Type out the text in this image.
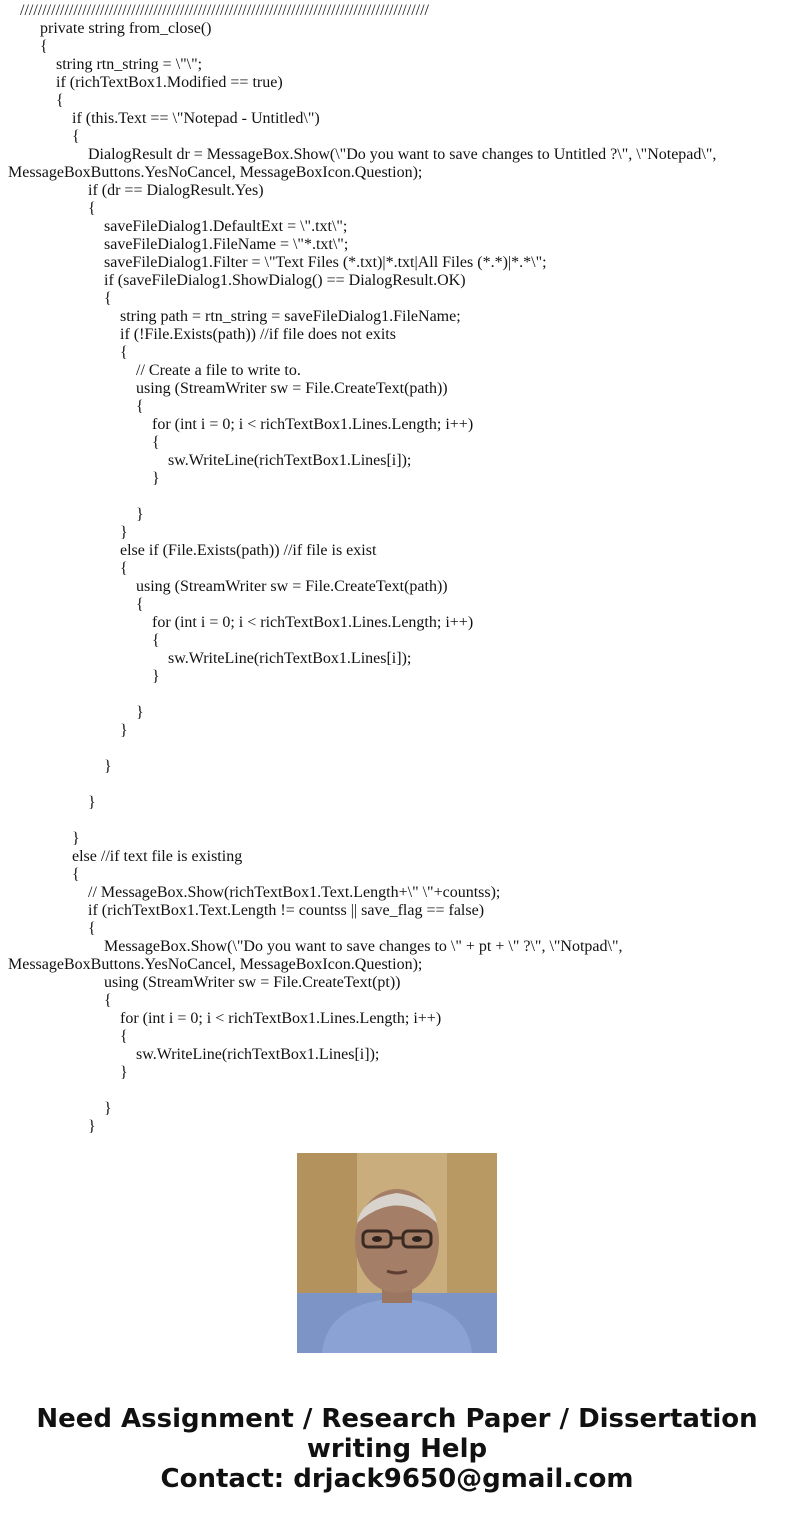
////////////////////////////////////////////////////////////////////////////////////////////
private string from_close()
{
string rtn_string = \"\";
if (richTextBox1.Modified == true)
{
if (this.Text == \"Notepad - Untitled\")
{
DialogResult dr = MessageBox.Show(\"Do you want to save changes to Untitled ?\", \"Notepad\",
MessageBoxButtons.YesNoCancel, MessageBoxIcon.Question);
if (dr == DialogResult.Yes)
{
saveFileDialog1.DefaultExt = \".txt\";
saveFileDialog1.FileName = \"*.txt\";
saveFileDialog1.Filter = \"Text Files (*.txt)|*.txt|All Files (*.*)|*.*\";
if (saveFileDialog1.ShowDialog() == DialogResult.OK)
{
string path = rtn_string = saveFileDialog1.FileName;
if (!File.Exists(path)) //if file does not exits
{
// Create a file to write to.
using (StreamWriter sw = File.CreateText(path))
{
for (int i = 0; i < richTextBox1.Lines.Length; i++)
{
sw.WriteLine(richTextBox1.Lines[i]);
}
}
}
else if (File.Exists(path)) //if file is exist
{
using (StreamWriter sw = File.CreateText(path))
{
for (int i = 0; i < richTextBox1.Lines.Length; i++)
{
sw.WriteLine(richTextBox1.Lines[i]);
}
}
}
}
}
}
else //if text file is existing
{
// MessageBox.Show(richTextBox1.Text.Length+\" \"+countss);
if (richTextBox1.Text.Length != countss || save_flag == false)
{
MessageBox.Show(\"Do you want to save changes to \" + pt + \" ?\", \"Notpad\",
MessageBoxButtons.YesNoCancel, MessageBoxIcon.Question);
using (StreamWriter sw = File.CreateText(pt))
{
for (int i = 0; i < richTextBox1.Lines.Length; i++)
{
sw.WriteLine(richTextBox1.Lines[i]);
}
}
}
Need Assignment / Research Paper / Dissertation
writing Help
Contact: drjack9650@gmail.com
